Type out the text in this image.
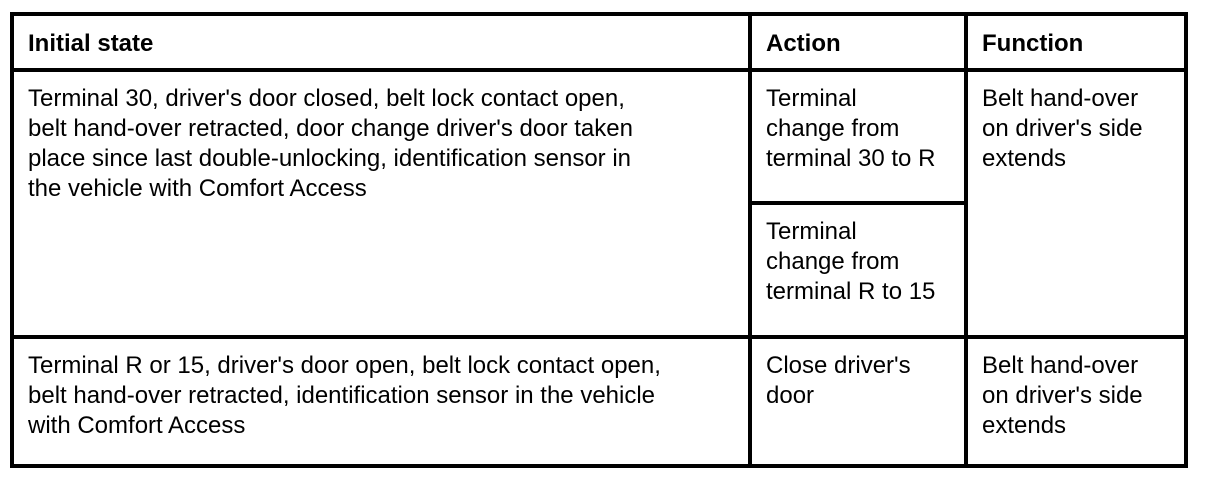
Initial state	Action	Function
Terminal 30, driver's door closed, belt lock contact open,
belt hand-over retracted, door change driver's door taken
place since last double-unlocking, identification sensor in
the vehicle with Comfort Access
Terminal
change from
terminal 30 to R
Terminal
change from
terminal R to 15
Belt hand-over
on driver's side
extends
Terminal R or 15, driver's door open, belt lock contact open,
belt hand-over retracted, identification sensor in the vehicle
with Comfort Access
Close driver's
door
Belt hand-over
on driver's side
extends
